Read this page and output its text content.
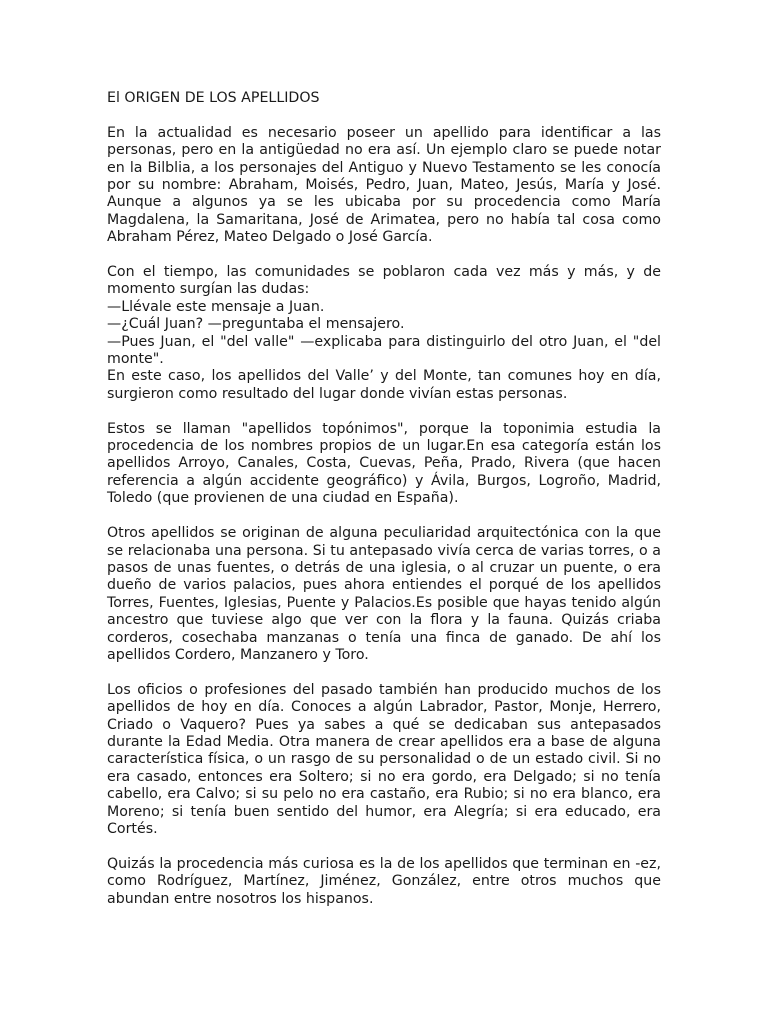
El ORIGEN DE LOS APELLIDOS

En la actualidad es necesario poseer un apellido para identificar a las personas, pero en la antigüedad no era así. Un ejemplo claro se puede notar en la Bilblia, a los personajes del Antiguo y Nuevo Testamento se les conocía por su nombre: Abraham, Moisés, Pedro, Juan, Mateo, Jesús, María y José. Aunque a algunos ya se les ubicaba por su procedencia como María Magdalena, la Samaritana, José de Arimatea, pero no había tal cosa como Abraham Pérez, Mateo Delgado o José García.

Con el tiempo, las comunidades se poblaron cada vez más y más, y de momento surgían las dudas:
—Llévale este mensaje a Juan.
—¿Cuál Juan? —preguntaba el mensajero.
—Pues Juan, el "del valle" —explicaba para distinguirlo del otro Juan, el "del monte".
En este caso, los apellidos del Valle’ y del Monte, tan comunes hoy en día, surgieron como resultado del lugar donde vivían estas personas.

Estos se llaman "apellidos topónimos", porque la toponimia estudia la procedencia de los nombres propios de un lugar.En esa categoría están los apellidos Arroyo, Canales, Costa, Cuevas, Peña, Prado, Rivera (que hacen referencia a algún accidente geográfico) y Ávila, Burgos, Logroño, Madrid, Toledo (que provienen de una ciudad en España).

Otros apellidos se originan de alguna peculiaridad arquitectónica con la que se relacionaba una persona. Si tu antepasado vivía cerca de varias torres, o a pasos de unas fuentes, o detrás de una iglesia, o al cruzar un puente, o era dueño de varios palacios, pues ahora entiendes el porqué de los apellidos Torres, Fuentes, Iglesias, Puente y Palacios.Es posible que hayas tenido algún ancestro que tuviese algo que ver con la flora y la fauna. Quizás criaba corderos, cosechaba manzanas o tenía una finca de ganado. De ahí los apellidos Cordero, Manzanero y Toro.

Los oficios o profesiones del pasado también han producido muchos de los apellidos de hoy en día. Conoces a algún Labrador, Pastor, Monje, Herrero, Criado o Vaquero? Pues ya sabes a qué se dedicaban sus antepasados durante la Edad Media. Otra manera de crear apellidos era a base de alguna característica física, o un rasgo de su personalidad o de un estado civil. Si no era casado, entonces era Soltero; si no era gordo, era Delgado; si no tenía cabello, era Calvo; si su pelo no era castaño, era Rubio; si no era blanco, era Moreno; si tenía buen sentido del humor, era Alegría; si era educado, era Cortés.

Quizás la procedencia más curiosa es la de los apellidos que terminan en -ez, como Rodríguez, Martínez, Jiménez, González, entre otros muchos que abundan entre nosotros los hispanos.
